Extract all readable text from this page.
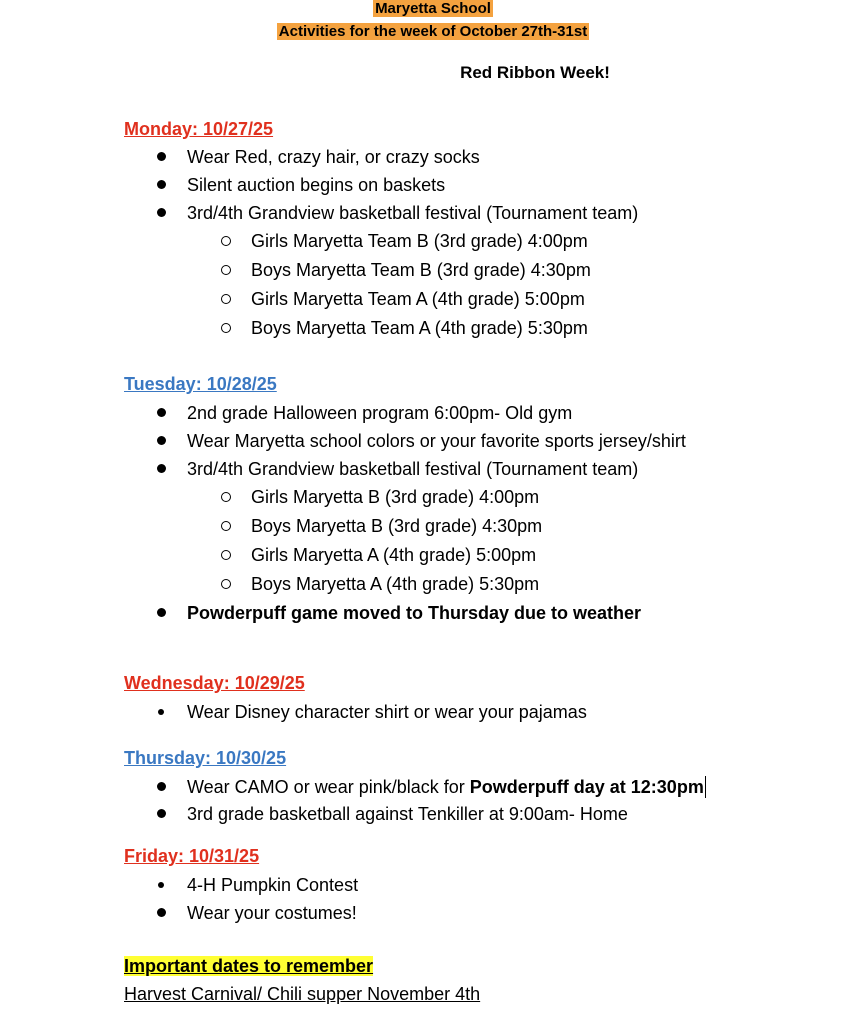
Maryetta School
Activities for the week of October 27th-31st
Red Ribbon Week!
Monday: 10/27/25
Wear Red, crazy hair, or crazy socks
Silent auction begins on baskets
3rd/4th Grandview basketball festival (Tournament team)
Girls Maryetta Team B (3rd grade) 4:00pm
Boys Maryetta Team B (3rd grade) 4:30pm
Girls Maryetta Team A (4th grade) 5:00pm
Boys Maryetta Team A (4th grade) 5:30pm
Tuesday: 10/28/25
2nd grade Halloween program 6:00pm- Old gym
Wear Maryetta school colors or your favorite sports jersey/shirt
3rd/4th Grandview basketball festival (Tournament team)
Girls Maryetta B (3rd grade) 4:00pm
Boys Maryetta B (3rd grade) 4:30pm
Girls Maryetta A (4th grade) 5:00pm
Boys Maryetta A (4th grade) 5:30pm
Powderpuff game moved to Thursday due to weather
Wednesday: 10/29/25
Wear Disney character shirt or wear your pajamas
Thursday: 10/30/25
Wear CAMO or wear pink/black for Powderpuff day at 12:30pm
3rd grade basketball against Tenkiller at 9:00am- Home
Friday: 10/31/25
4-H Pumpkin Contest
Wear your costumes!
Important dates to remember
Harvest Carnival/ Chili supper November 4th
